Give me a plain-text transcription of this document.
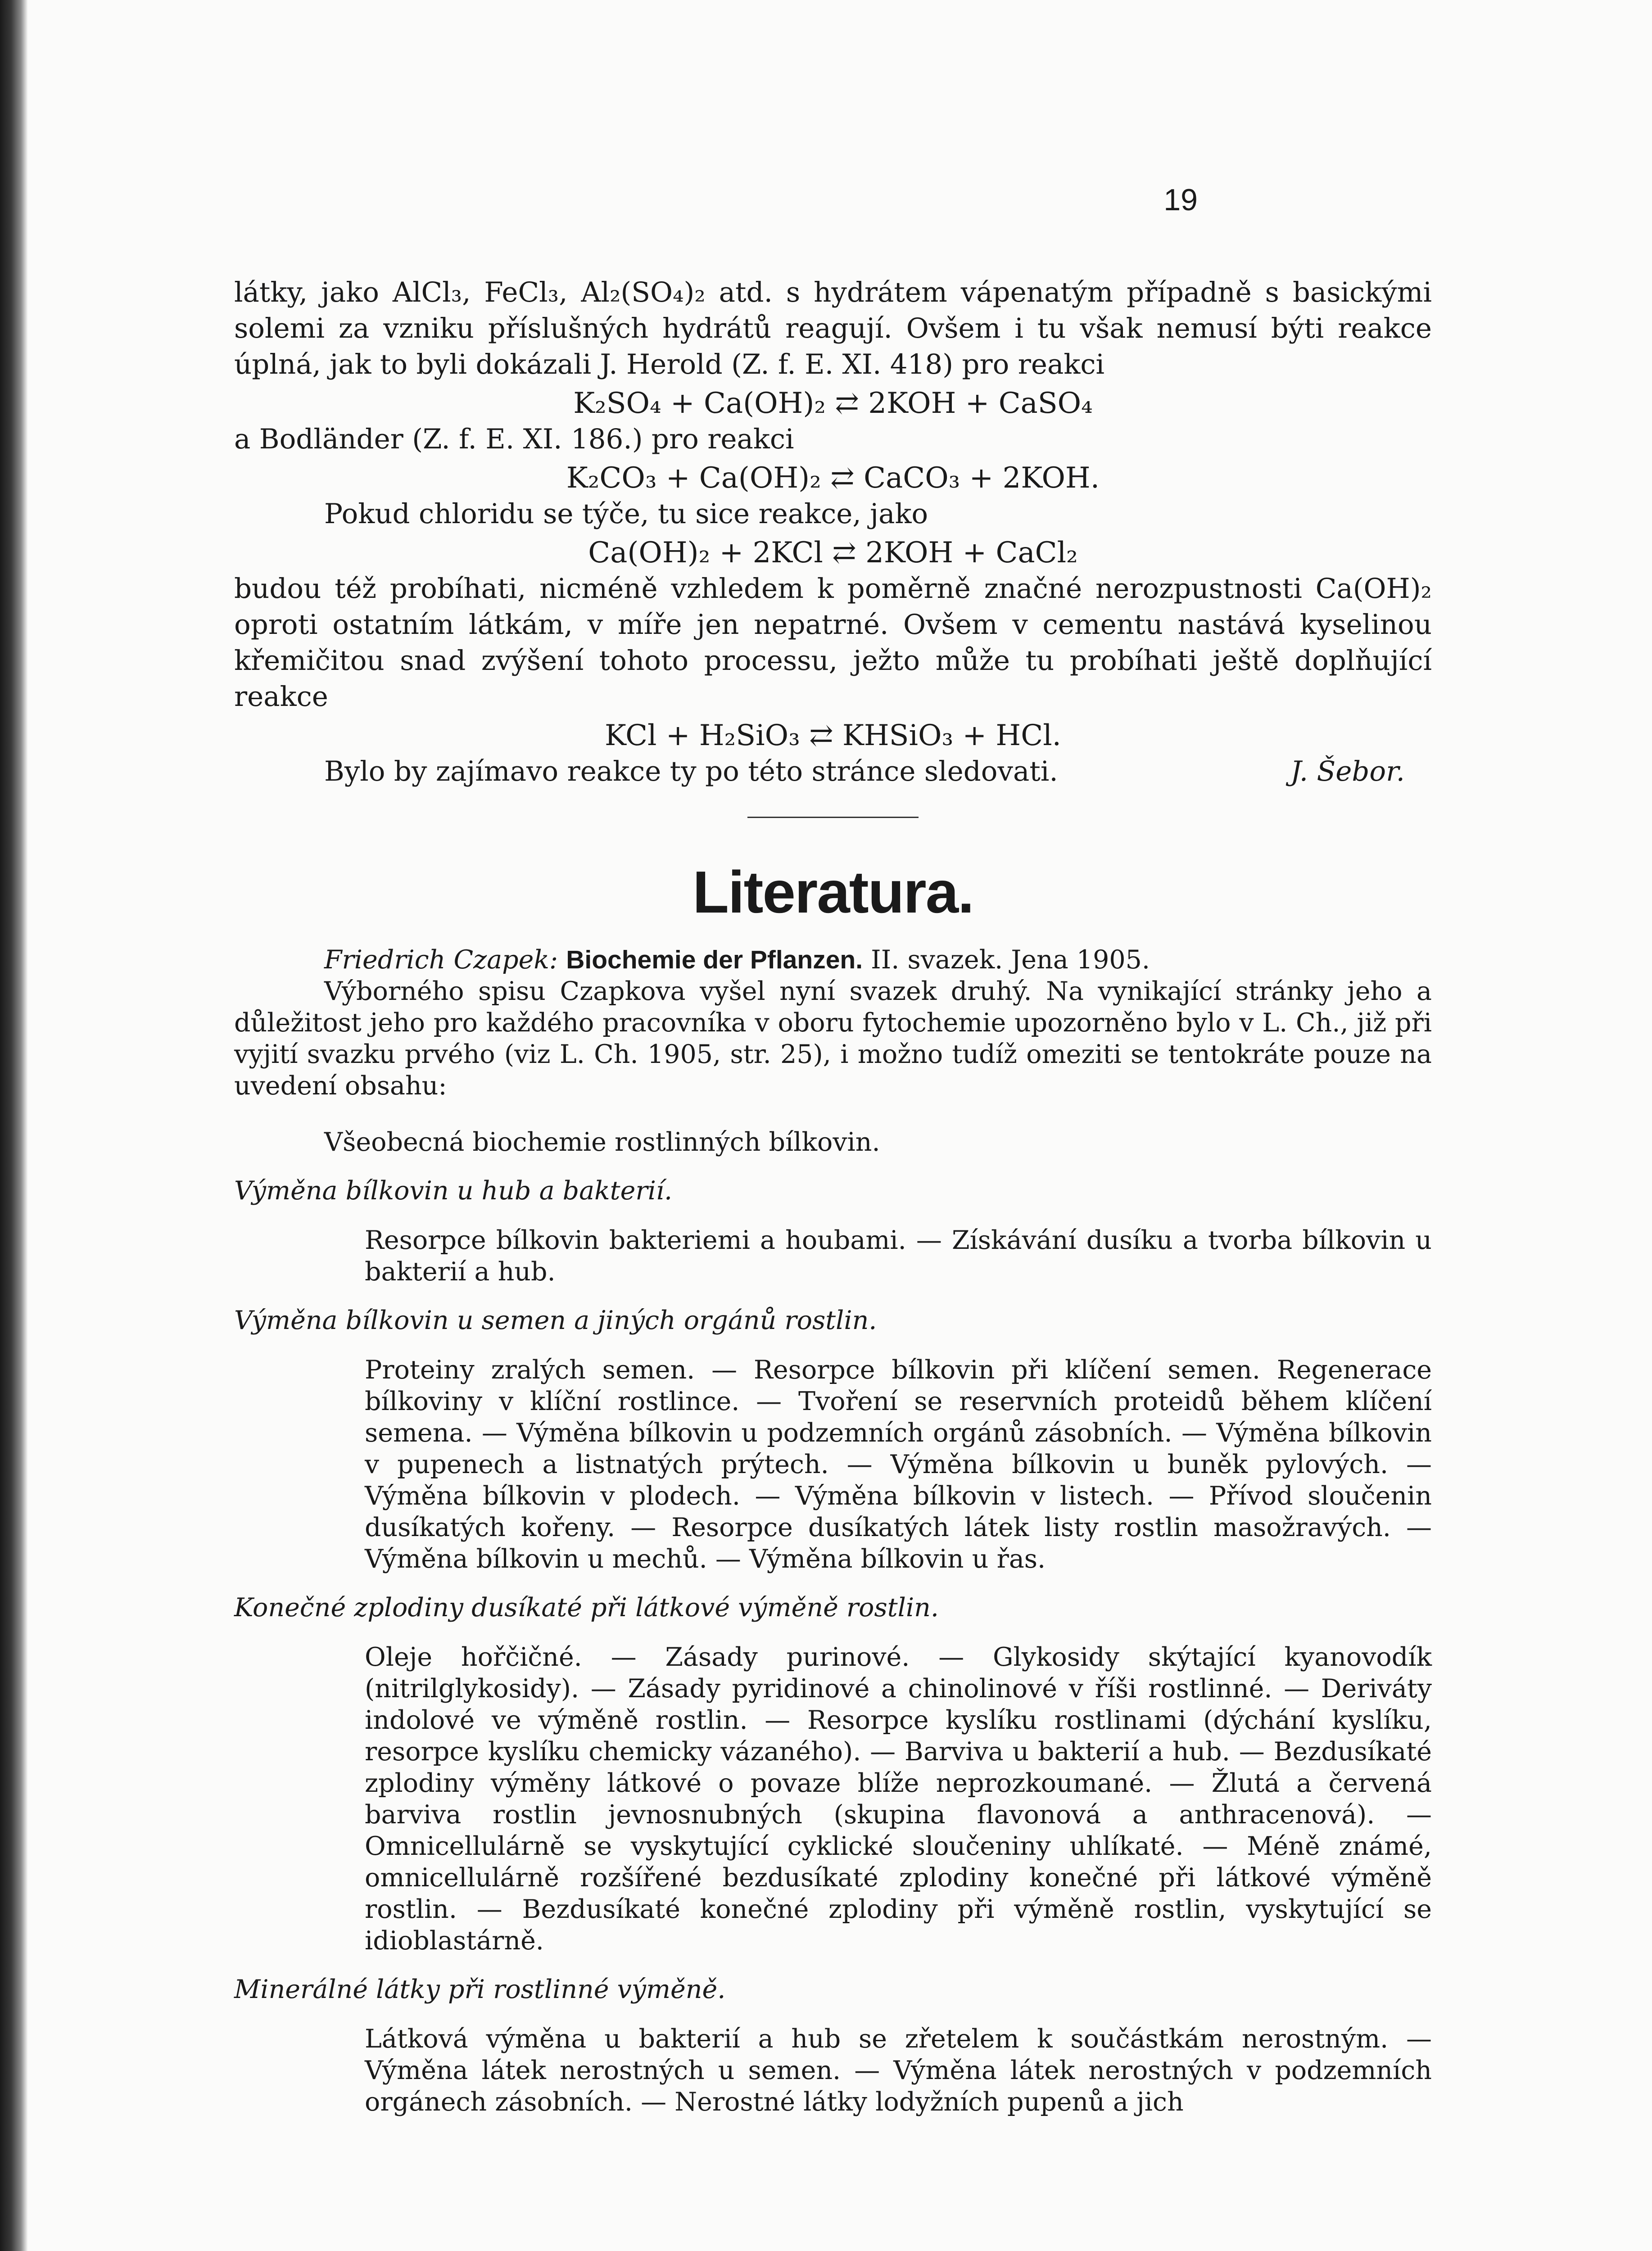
19

látky, jako AlCl₃, FeCl₃, Al₂(SO₄)₂ atd. s hydrátem vápenatým případně s basickými solemi za vzniku příslušných hydrátů reagují. Ovšem i tu však nemusí býti reakce úplná, jak to byli dokázali J. Herold (Z. f. E. XI. 418) pro reakci

K₂SO₄ + Ca(OH)₂ ⇄ 2KOH + CaSO₄

a Bodländer (Z. f. E. XI. 186.) pro reakci

K₂CO₃ + Ca(OH)₂ ⇄ CaCO₃ + 2KOH.

Pokud chloridu se týče, tu sice reakce, jako

Ca(OH)₂ + 2KCl ⇄ 2KOH + CaCl₂

budou též probíhati, nicméně vzhledem k poměrně značné nerozpustnosti Ca(OH)₂ oproti ostatním látkám, v míře jen nepatrné. Ovšem v cementu nastává kyselinou křemičitou snad zvýšení tohoto processu, ježto může tu probíhati ještě doplňující reakce

KCl + H₂SiO₃ ⇄ KHSiO₃ + HCl.

Bylo by zajímavo reakce ty po této stránce sledovati.	J. Šebor.
Literatura.

Friedrich Czapek: Biochemie der Pflanzen. II. svazek. Jena 1905.

Výborného spisu Czapkova vyšel nyní svazek druhý. Na vynikající stránky jeho a důležitost jeho pro každého pracovníka v oboru fytochemie upozorněno bylo v L. Ch., již při vyjití svazku prvého (viz L. Ch. 1905, str. 25), i možno tudíž omeziti se tentokráte pouze na uvedení obsahu:

Všeobecná biochemie rostlinných bílkovin.

Výměna bílkovin u hub a bakterií.

Resorpce bílkovin bakteriemi a houbami. — Získávání dusíku a tvorba bílkovin u bakterií a hub.

Výměna bílkovin u semen a jiných orgánů rostlin.

Proteiny zralých semen. — Resorpce bílkovin při klíčení semen. Regenerace bílkoviny v klíční rostlince. — Tvoření se reservních proteidů během klíčení semena. — Výměna bílkovin u podzemních orgánů zásobních. — Výměna bílkovin v pupenech a listnatých prýtech. — Výměna bílkovin u buněk pylových. — Výměna bílkovin v plodech. — Výměna bílkovin v listech. — Přívod sloučenin dusíkatých kořeny. — Resorpce dusíkatých látek listy rostlin masožravých. — Výměna bílkovin u mechů. — Výměna bílkovin u řas.

Konečné zplodiny dusíkaté při látkové výměně rostlin.

Oleje hořčičné. — Zásady purinové. — Glykosidy skýtající kyanovodík (nitrilglykosidy). — Zásady pyridinové a chinolinové v říši rostlinné. — Deriváty indolové ve výměně rostlin. — Resorpce kyslíku rostlinami (dýchání kyslíku, resorpce kyslíku chemicky vázaného). — Barviva u bakterií a hub. — Bezdusíkaté zplodiny výměny látkové o povaze blíže neprozkoumané. — Žlutá a červená barviva rostlin jevnosnubných (skupina flavonová a anthracenová). — Omnicellulárně se vyskytující cyklické sloučeniny uhlíkaté. — Méně známé, omnicellulárně rozšířené bezdusíkaté zplodiny konečné při látkové výměně rostlin. — Bezdusíkaté konečné zplodiny při výměně rostlin, vyskytující se idioblastárně.

Minerálné látky při rostlinné výměně.

Látková výměna u bakterií a hub se zřetelem k součástkám nerostným. — Výměna látek nerostných u semen. — Výměna látek nerostných v podzemních orgánech zásobních. — Nerostné látky lodyžních pupenů a jich
